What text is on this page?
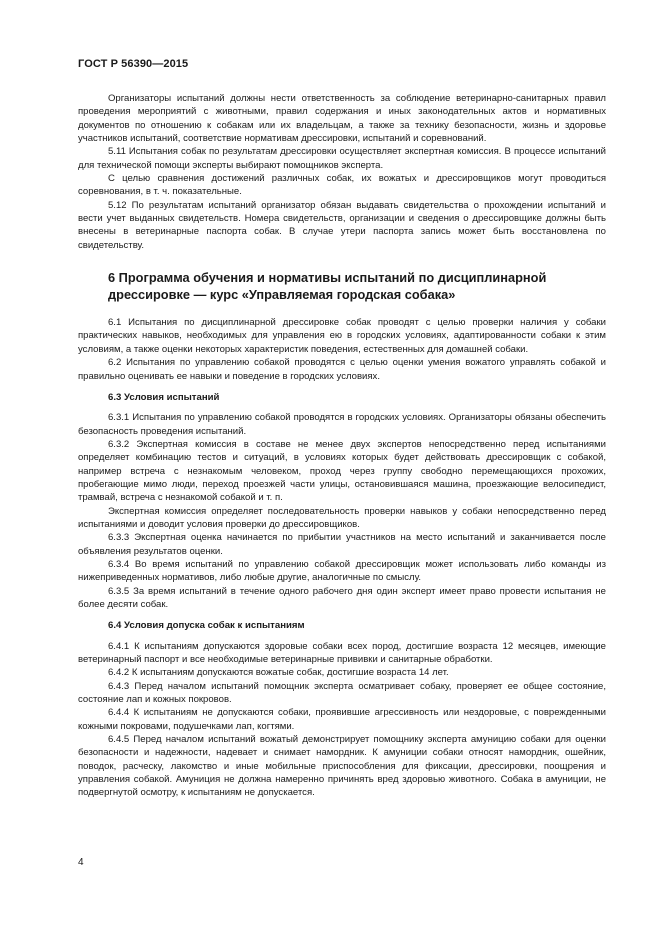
ГОСТ Р 56390—2015

Организаторы испытаний должны нести ответственность за соблюдение ветеринарно-санитарных правил проведения мероприятий с животными, правил содержания и иных законодательных актов и нормативных документов по отношению к собакам или их владельцам, а также за технику безопасности, жизнь и здоровье участников испытаний, соответствие нормативам дрессировки, испытаний и соревнований.

5.11 Испытания собак по результатам дрессировки осуществляет экспертная комиссия. В процессе испытаний для технической помощи эксперты выбирают помощников эксперта.

С целью сравнения достижений различных собак, их вожатых и дрессировщиков могут проводиться соревнования, в т. ч. показательные.

5.12 По результатам испытаний организатор обязан выдавать свидетельства о прохождении испытаний и вести учет выданных свидетельств. Номера свидетельств, организации и сведения о дрессировщике должны быть внесены в ветеринарные паспорта собак. В случае утери паспорта запись может быть восстановлена по свидетельству.

6 Программа обучения и нормативы испытаний по дисциплинарной дрессировке — курс «Управляемая городская собака»

6.1 Испытания по дисциплинарной дрессировке собак проводят с целью проверки наличия у собаки практических навыков, необходимых для управления ею в городских условиях, адаптированности собаки к этим условиям, а также оценки некоторых характеристик поведения, естественных для домашней собаки.

6.2 Испытания по управлению собакой проводятся с целью оценки умения вожатого управлять собакой и правильно оценивать ее навыки и поведение в городских условиях.

6.3 Условия испытаний

6.3.1 Испытания по управлению собакой проводятся в городских условиях. Организаторы обязаны обеспечить безопасность проведения испытаний.

6.3.2 Экспертная комиссия в составе не менее двух экспертов непосредственно перед испытаниями определяет комбинацию тестов и ситуаций, в условиях которых будет действовать дрессировщик с собакой, например встреча с незнакомым человеком, проход через группу свободно перемещающихся прохожих, пробегающие мимо люди, переход проезжей части улицы, остановившаяся машина, проезжающие велосипедист, трамвай, встреча с незнакомой собакой и т. п.

Экспертная комиссия определяет последовательность проверки навыков у собаки непосредственно перед испытаниями и доводит условия проверки до дрессировщиков.

6.3.3 Экспертная оценка начинается по прибытии участников на место испытаний и заканчивается после объявления результатов оценки.

6.3.4 Во время испытаний по управлению собакой дрессировщик может использовать либо команды из нижеприведенных нормативов, либо любые другие, аналогичные по смыслу.

6.3.5 За время испытаний в течение одного рабочего дня один эксперт имеет право провести испытания не более десяти собак.

6.4 Условия допуска собак к испытаниям

6.4.1 К испытаниям допускаются здоровые собаки всех пород, достигшие возраста 12 месяцев, имеющие ветеринарный паспорт и все необходимые ветеринарные прививки и санитарные обработки.

6.4.2 К испытаниям допускаются вожатые собак, достигшие возраста 14 лет.

6.4.3 Перед началом испытаний помощник эксперта осматривает собаку, проверяет ее общее состояние, состояние лап и кожных покровов.

6.4.4 К испытаниям не допускаются собаки, проявившие агрессивность или нездоровые, с поврежденными кожными покровами, подушечками лап, когтями.

6.4.5 Перед началом испытаний вожатый демонстрирует помощнику эксперта амуницию собаки для оценки безопасности и надежности, надевает и снимает намордник. К амуниции собаки относят намордник, ошейник, поводок, расческу, лакомство и иные мобильные приспособления для фиксации, дрессировки, поощрения и управления собакой. Амуниция не должна намеренно причинять вред здоровью животного. Собака в амуниции, не подвергнутой осмотру, к испытаниям не допускается.

4
